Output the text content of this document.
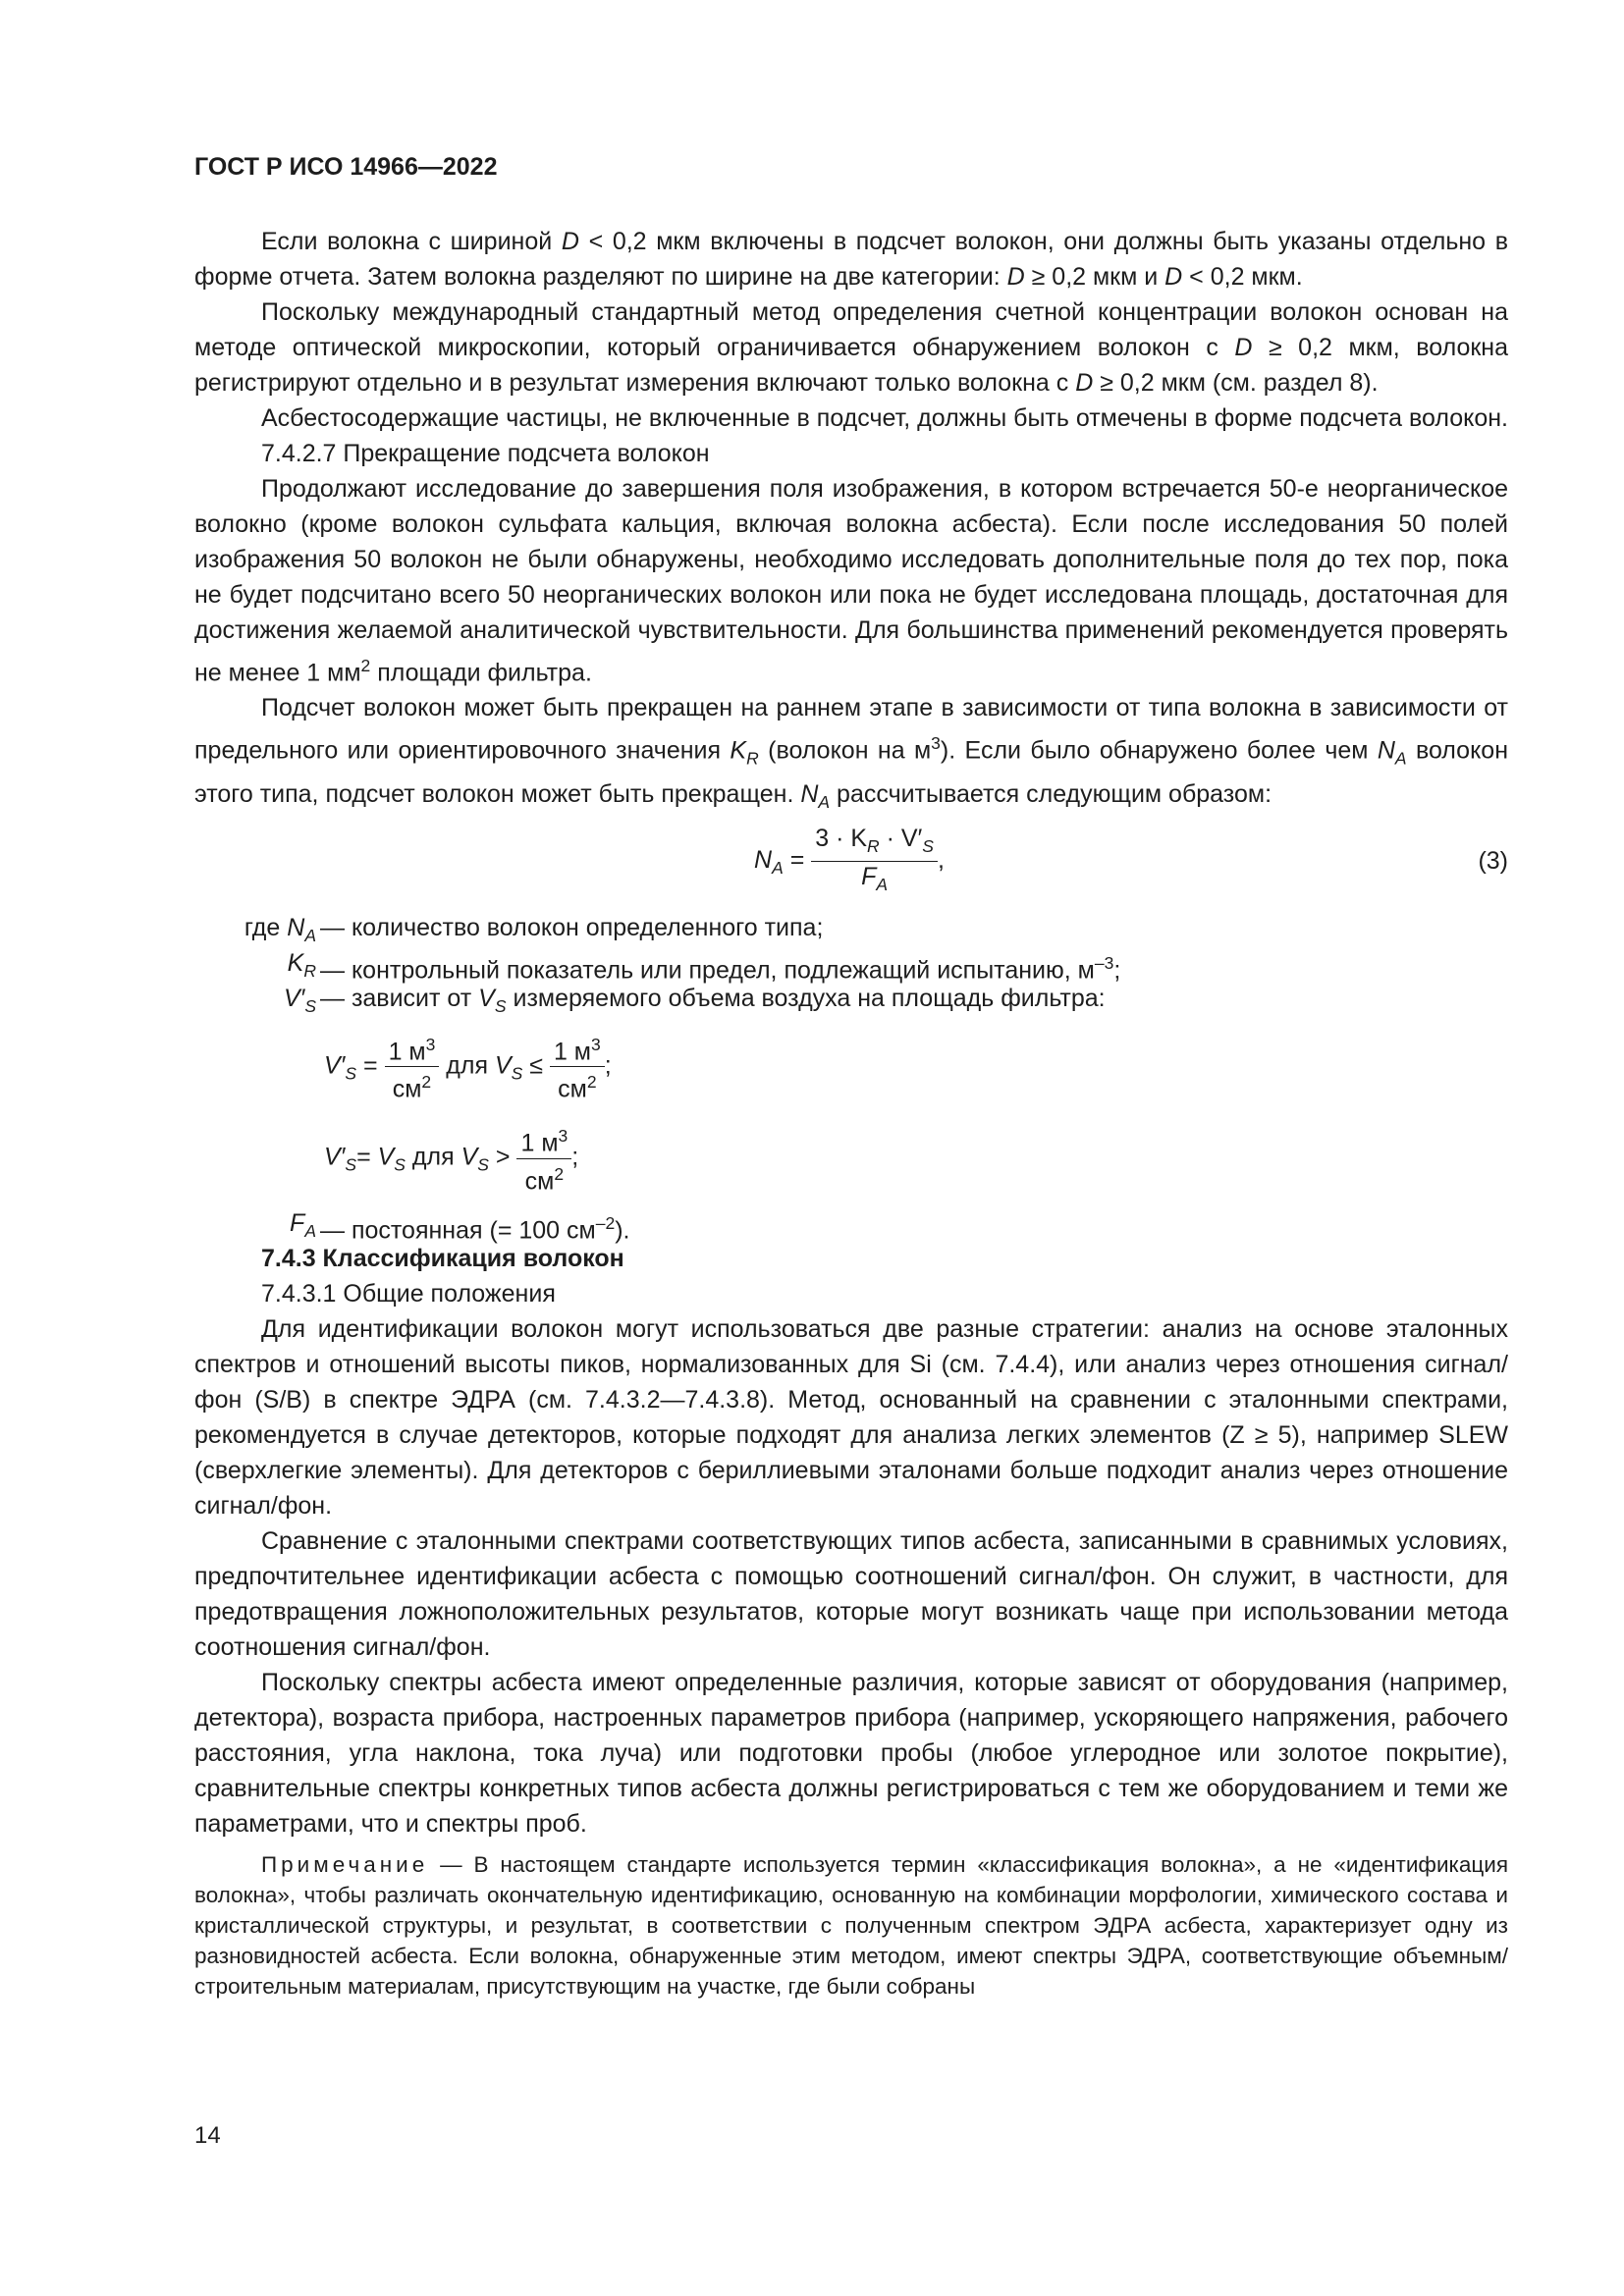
ГОСТ Р ИСО 14966—2022

Если волокна с шириной D < 0,2 мкм включены в подсчет волокон, они должны быть указаны отдельно в форме отчета. Затем волокна разделяют по ширине на две категории: D ≥ 0,2 мкм и D < 0,2 мкм.

Поскольку международный стандартный метод определения счетной концентрации волокон основан на методе оптической микроскопии, который ограничивается обнаружением волокон с D ≥ 0,2 мкм, волокна регистрируют отдельно и в результат измерения включают только волокна с D ≥ 0,2 мкм (см. раздел 8).

Асбестосодержащие частицы, не включенные в подсчет, должны быть отмечены в форме подсчета волокон.

7.4.2.7 Прекращение подсчета волокон

Продолжают исследование до завершения поля изображения, в котором встречается 50-е неорганическое волокно (кроме волокон сульфата кальция, включая волокна асбеста). Если после исследования 50 полей изображения 50 волокон не были обнаружены, необходимо исследовать дополнительные поля до тех пор, пока не будет подсчитано всего 50 неорганических волокон или пока не будет исследована площадь, достаточная для достижения желаемой аналитической чувствительности. Для большинства применений рекомендуется проверять не менее 1 $мм^2$ площади фильтра.

Подсчет волокон может быть прекращен на раннем этапе в зависимости от типа волокна в зависимости от предельного или ориентировочного значения $K_R$ (волокон на $м^3$). Если было обнаружено более чем $N_A$ волокон этого типа, подсчет волокон может быть прекращен. $N_A$ рассчитывается следующим образом:

$N_A = \frac{3 \cdot K_R \cdot V'_S}{F_A}$ ,	(3)
где $N_A$ — количество волокон определенного типа;
$K_R$ — контрольный показатель или предел, подлежащий испытанию, $м^{-3}$;
$V'_S$ — зависит от $V_S$ измеряемого объема воздуха на площадь фильтра:
$V'_S = \frac{1 м^3}{см^2}$ для $V_S \le \frac{1 м^3}{см^2}$ ;
$V'_S= V_S$ для $V_S > \frac{1 м^3}{см^2}$ ;
$F_A$ — постоянная (= 100 $см^{-2}$).

7.4.3 Классификация волокон

7.4.3.1 Общие положения

Для идентификации волокон могут использоваться две разные стратегии: анализ на основе эталонных спектров и отношений высоты пиков, нормализованных для Si (см. 7.4.4), или анализ через отношения сигнал/фон (S/B) в спектре ЭДРА (см. 7.4.3.2—7.4.3.8). Метод, основанный на сравнении с эталонными спектрами, рекомендуется в случае детекторов, которые подходят для анализа легких элементов (Z ≥ 5), например SLEW (сверхлегкие элементы). Для детекторов с бериллиевыми эталонами больше подходит анализ через отношение сигнал/фон.

Сравнение с эталонными спектрами соответствующих типов асбеста, записанными в сравнимых условиях, предпочтительнее идентификации асбеста с помощью соотношений сигнал/фон. Он служит, в частности, для предотвращения ложноположительных результатов, которые могут возникать чаще при использовании метода соотношения сигнал/фон.

Поскольку спектры асбеста имеют определенные различия, которые зависят от оборудования (например, детектора), возраста прибора, настроенных параметров прибора (например, ускоряющего напряжения, рабочего расстояния, угла наклона, тока луча) или подготовки пробы (любое углеродное или золотое покрытие), сравнительные спектры конкретных типов асбеста должны регистрироваться с тем же оборудованием и теми же параметрами, что и спектры проб.

Примечание — В настоящем стандарте используется термин «классификация волокна», а не «идентификация волокна», чтобы различать окончательную идентификацию, основанную на комбинации морфологии, химического состава и кристаллической структуры, и результат, в соответствии с полученным спектром ЭДРА асбеста, характеризует одну из разновидностей асбеста. Если волокна, обнаруженные этим методом, имеют спектры ЭДРА, соответствующие объемным/строительным материалам, присутствующим на участке, где были собраны

14
